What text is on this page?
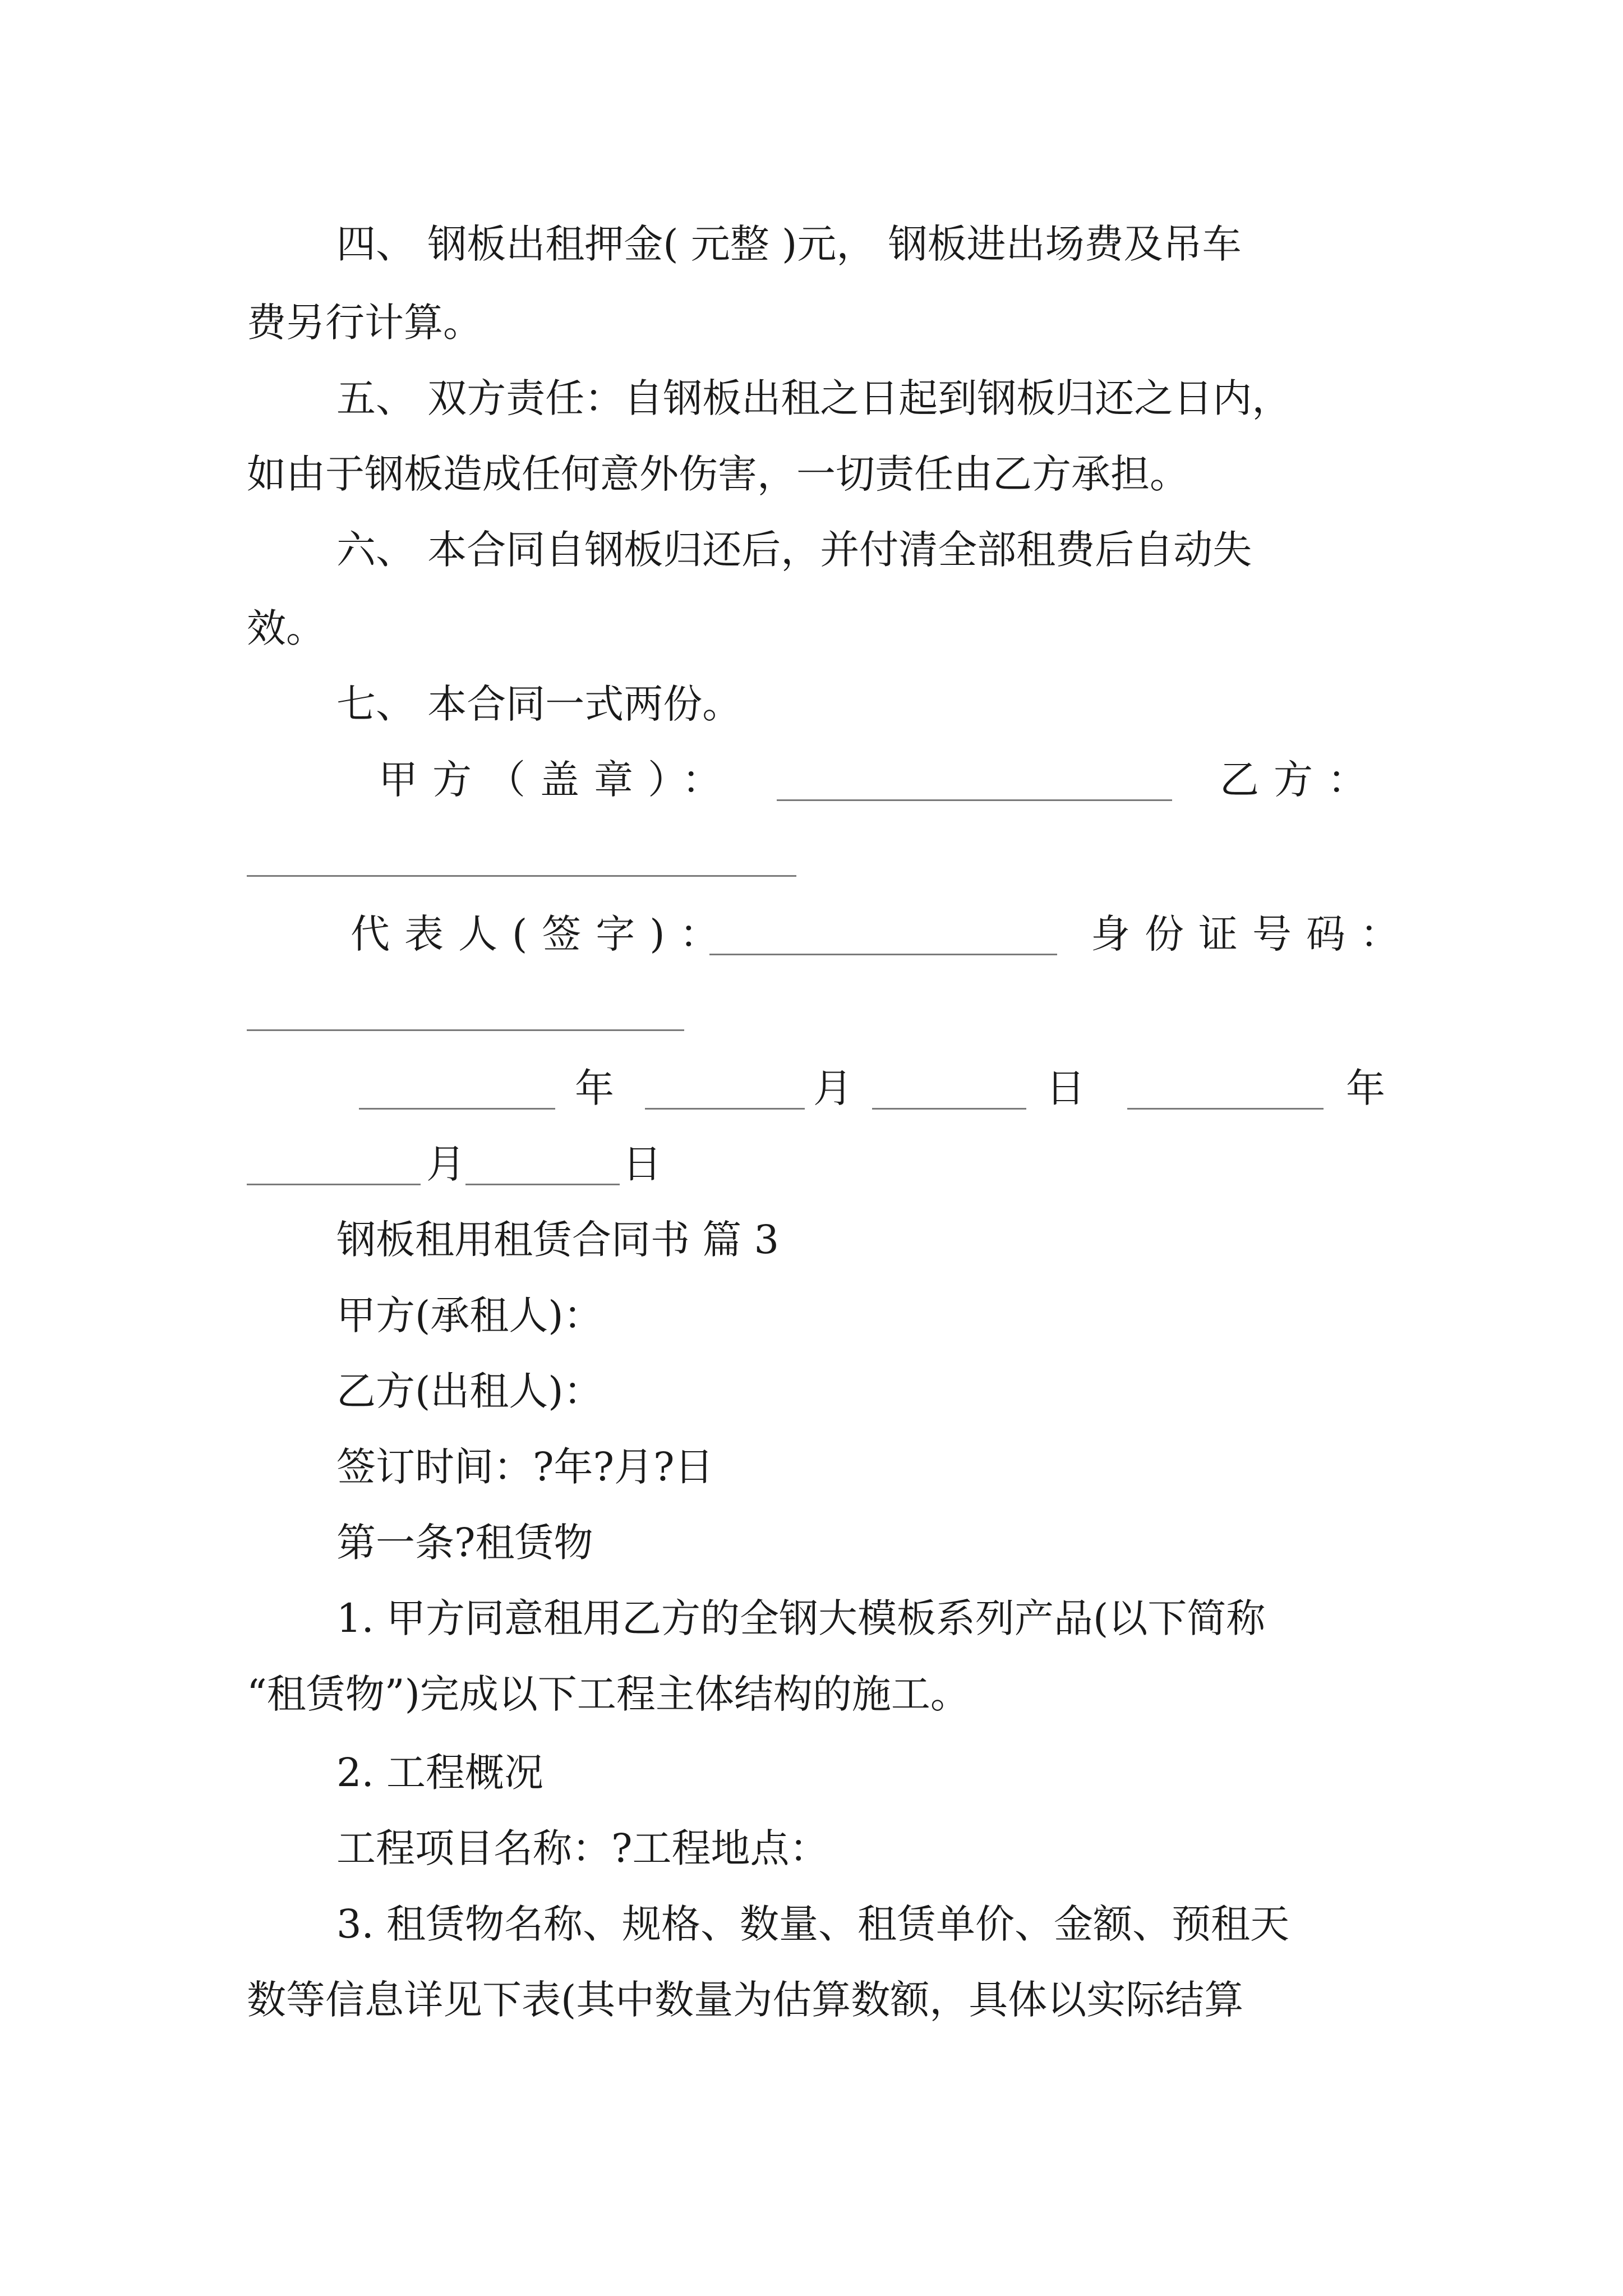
四、 钢板出租押金( 元整 )元， 钢板进出场费及吊车
费另行计算。
五、 双方责任：自钢板出租之日起到钢板归还之日内，
如由于钢板造成任何意外伤害，一切责任由乙方承担。
六、 本合同自钢板归还后，并付清全部租费后自动失
效。
七、 本合同一式两份。
甲方（盖章）：	乙方：
代表人(签字)：	身份证号码：
年	月	日	年
月	日
钢板租用租赁合同书 篇 3
甲方(承租人)：
乙方(出租人)：
签订时间：?年?月?日
第一条?租赁物
1. 甲方同意租用乙方的全钢大模板系列产品(以下简称
“租赁物”)完成以下工程主体结构的施工。
2. 工程概况
工程项目名称：?工程地点：
3. 租赁物名称、规格、数量、租赁单价、金额、预租天
数等信息详见下表(其中数量为估算数额，具体以实际结算
